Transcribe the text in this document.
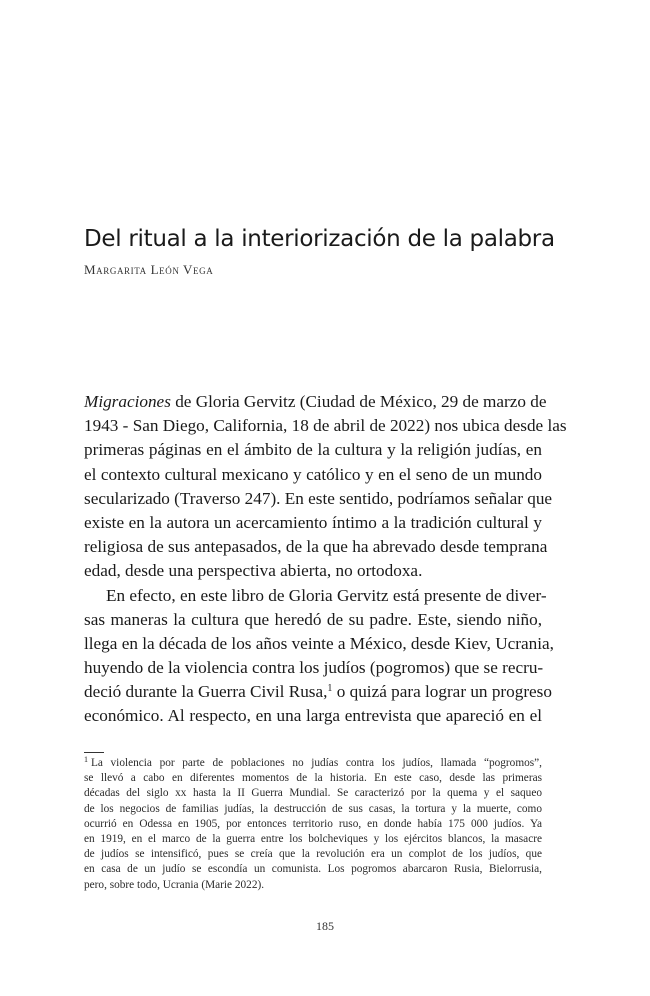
Del ritual a la interiorización de la palabra
Margarita León Vega
Migraciones de Gloria Gervitz (Ciudad de México, 29 de marzo de
1943 - San Diego, California, 18 de abril de 2022) nos ubica desde las
primeras páginas en el ámbito de la cultura y la religión judías, en
el contexto cultural mexicano y católico y en el seno de un mundo
secularizado (Traverso 247). En este sentido, podríamos señalar que
existe en la autora un acercamiento íntimo a la tradición cultural y
religiosa de sus antepasados, de la que ha abrevado desde temprana
edad, desde una perspectiva abierta, no ortodoxa.
En efecto, en este libro de Gloria Gervitz está presente de diver-
sas maneras la cultura que heredó de su padre. Este, siendo niño,
llega en la década de los años veinte a México, desde Kiev, Ucrania,
huyendo de la violencia contra los judíos (pogromos) que se recru-
deció durante la Guerra Civil Rusa,$^1$ o quizá para lograr un progreso
económico. Al respecto, en una larga entrevista que apareció en el
$^1$ La violencia por parte de poblaciones no judías contra los judíos, llamada “pogromos”,
se llevó a cabo en diferentes momentos de la historia. En este caso, desde las primeras
décadas del siglo xx hasta la II Guerra Mundial. Se caracterizó por la quema y el saqueo
de los negocios de familias judías, la destrucción de sus casas, la tortura y la muerte, como
ocurrió en Odessa en 1905, por entonces territorio ruso, en donde había 175 000 judíos. Ya
en 1919, en el marco de la guerra entre los bolcheviques y los ejércitos blancos, la masacre
de judíos se intensificó, pues se creía que la revolución era un complot de los judíos, que
en casa de un judío se escondía un comunista. Los pogromos abarcaron Rusia, Bielorrusia,
pero, sobre todo, Ucrania (Marie 2022).
185
